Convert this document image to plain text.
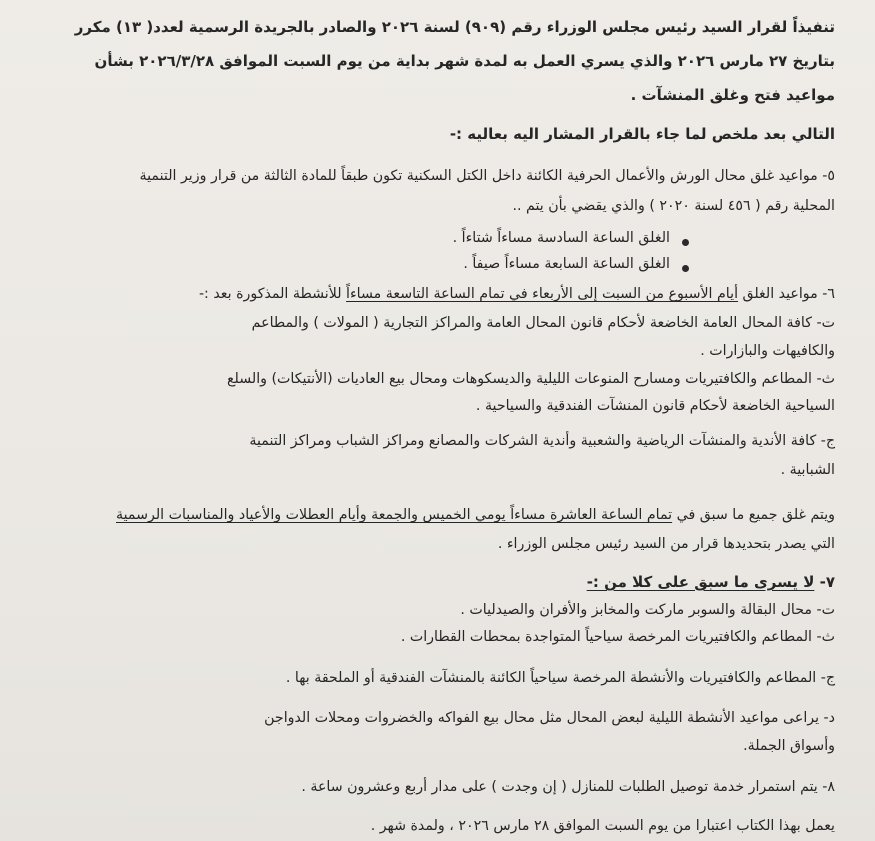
تنفيذاً لقرار السيد رئيس مجلس الوزراء رقم (٩٠٩) لسنة ٢٠٢٦ والصادر بالجريدة الرسمية لعدد( ١٣) مكرر

بتاريخ ٢٧ مارس ٢٠٢٦ والذي يسري العمل به لمدة شهر بداية من يوم السبت الموافق ٢٠٢٦/٣/٢٨ بشأن

مواعيد فتح وغلق المنشآت .

التالي بعد ملخص لما جاء بالقرار المشار اليه بعاليه :-

٥- مواعيد غلق محال الورش والأعمال الحرفية الكائنة داخل الكتل السكنية تكون طبقاً للمادة الثالثة من قرار وزير التنمية

المحلية رقم ( ٤٥٦ لسنة ٢٠٢٠ ) والذي يقضي بأن يتم ..

الغلق الساعة السادسة مساءاً شتاءاً .

الغلق الساعة السابعة مساءاً صيفاً .

٦- مواعيد الغلق أيام الأسبوع من السبت إلى الأربعاء في تمام الساعة التاسعة مساءاً للأنشطة المذكورة بعد :-

ت- كافة المحال العامة الخاضعة لأحكام قانون المحال العامة والمراكز التجارية ( المولات ) والمطاعم

والكافيهات والبازارات .

ث- المطاعم والكافتيريات ومسارح المنوعات الليلية والديسكوهات ومحال بيع العاديات (الأنتيكات) والسلع

السياحية الخاضعة لأحكام قانون المنشآت الفندقية والسياحية .

ج- كافة الأندية والمنشآت الرياضية والشعبية وأندية الشركات والمصانع ومراكز الشباب ومراكز التنمية

الشبابية .

ويتم غلق جميع ما سبق في تمام الساعة العاشرة مساءاً يومي الخميس والجمعة وأيام العطلات والأعياد والمناسبات الرسمية

التي يصدر بتحديدها قرار من السيد رئيس مجلس الوزراء .

٧- لا يسرى ما سبق على كلا من :-

ت- محال البقالة والسوبر ماركت والمخابز والأفران والصيدليات .

ث- المطاعم والكافتيريات المرخصة سياحياً المتواجدة بمحطات القطارات .

ج- المطاعم والكافتيريات والأنشطة المرخصة سياحياً الكائنة بالمنشآت الفندقية أو الملحقة بها .

د- يراعى مواعيد الأنشطة الليلية لبعض المحال مثل محال بيع الفواكه والخضروات ومحلات الدواجن

وأسواق الجملة.

٨- يتم استمرار خدمة توصيل الطلبات للمنازل ( إن وجدت ) على مدار أربع وعشرون ساعة .

يعمل بهذا الكتاب اعتبارا من يوم السبت الموافق ٢٨ مارس ٢٠٢٦ ، ولمدة شهر .
